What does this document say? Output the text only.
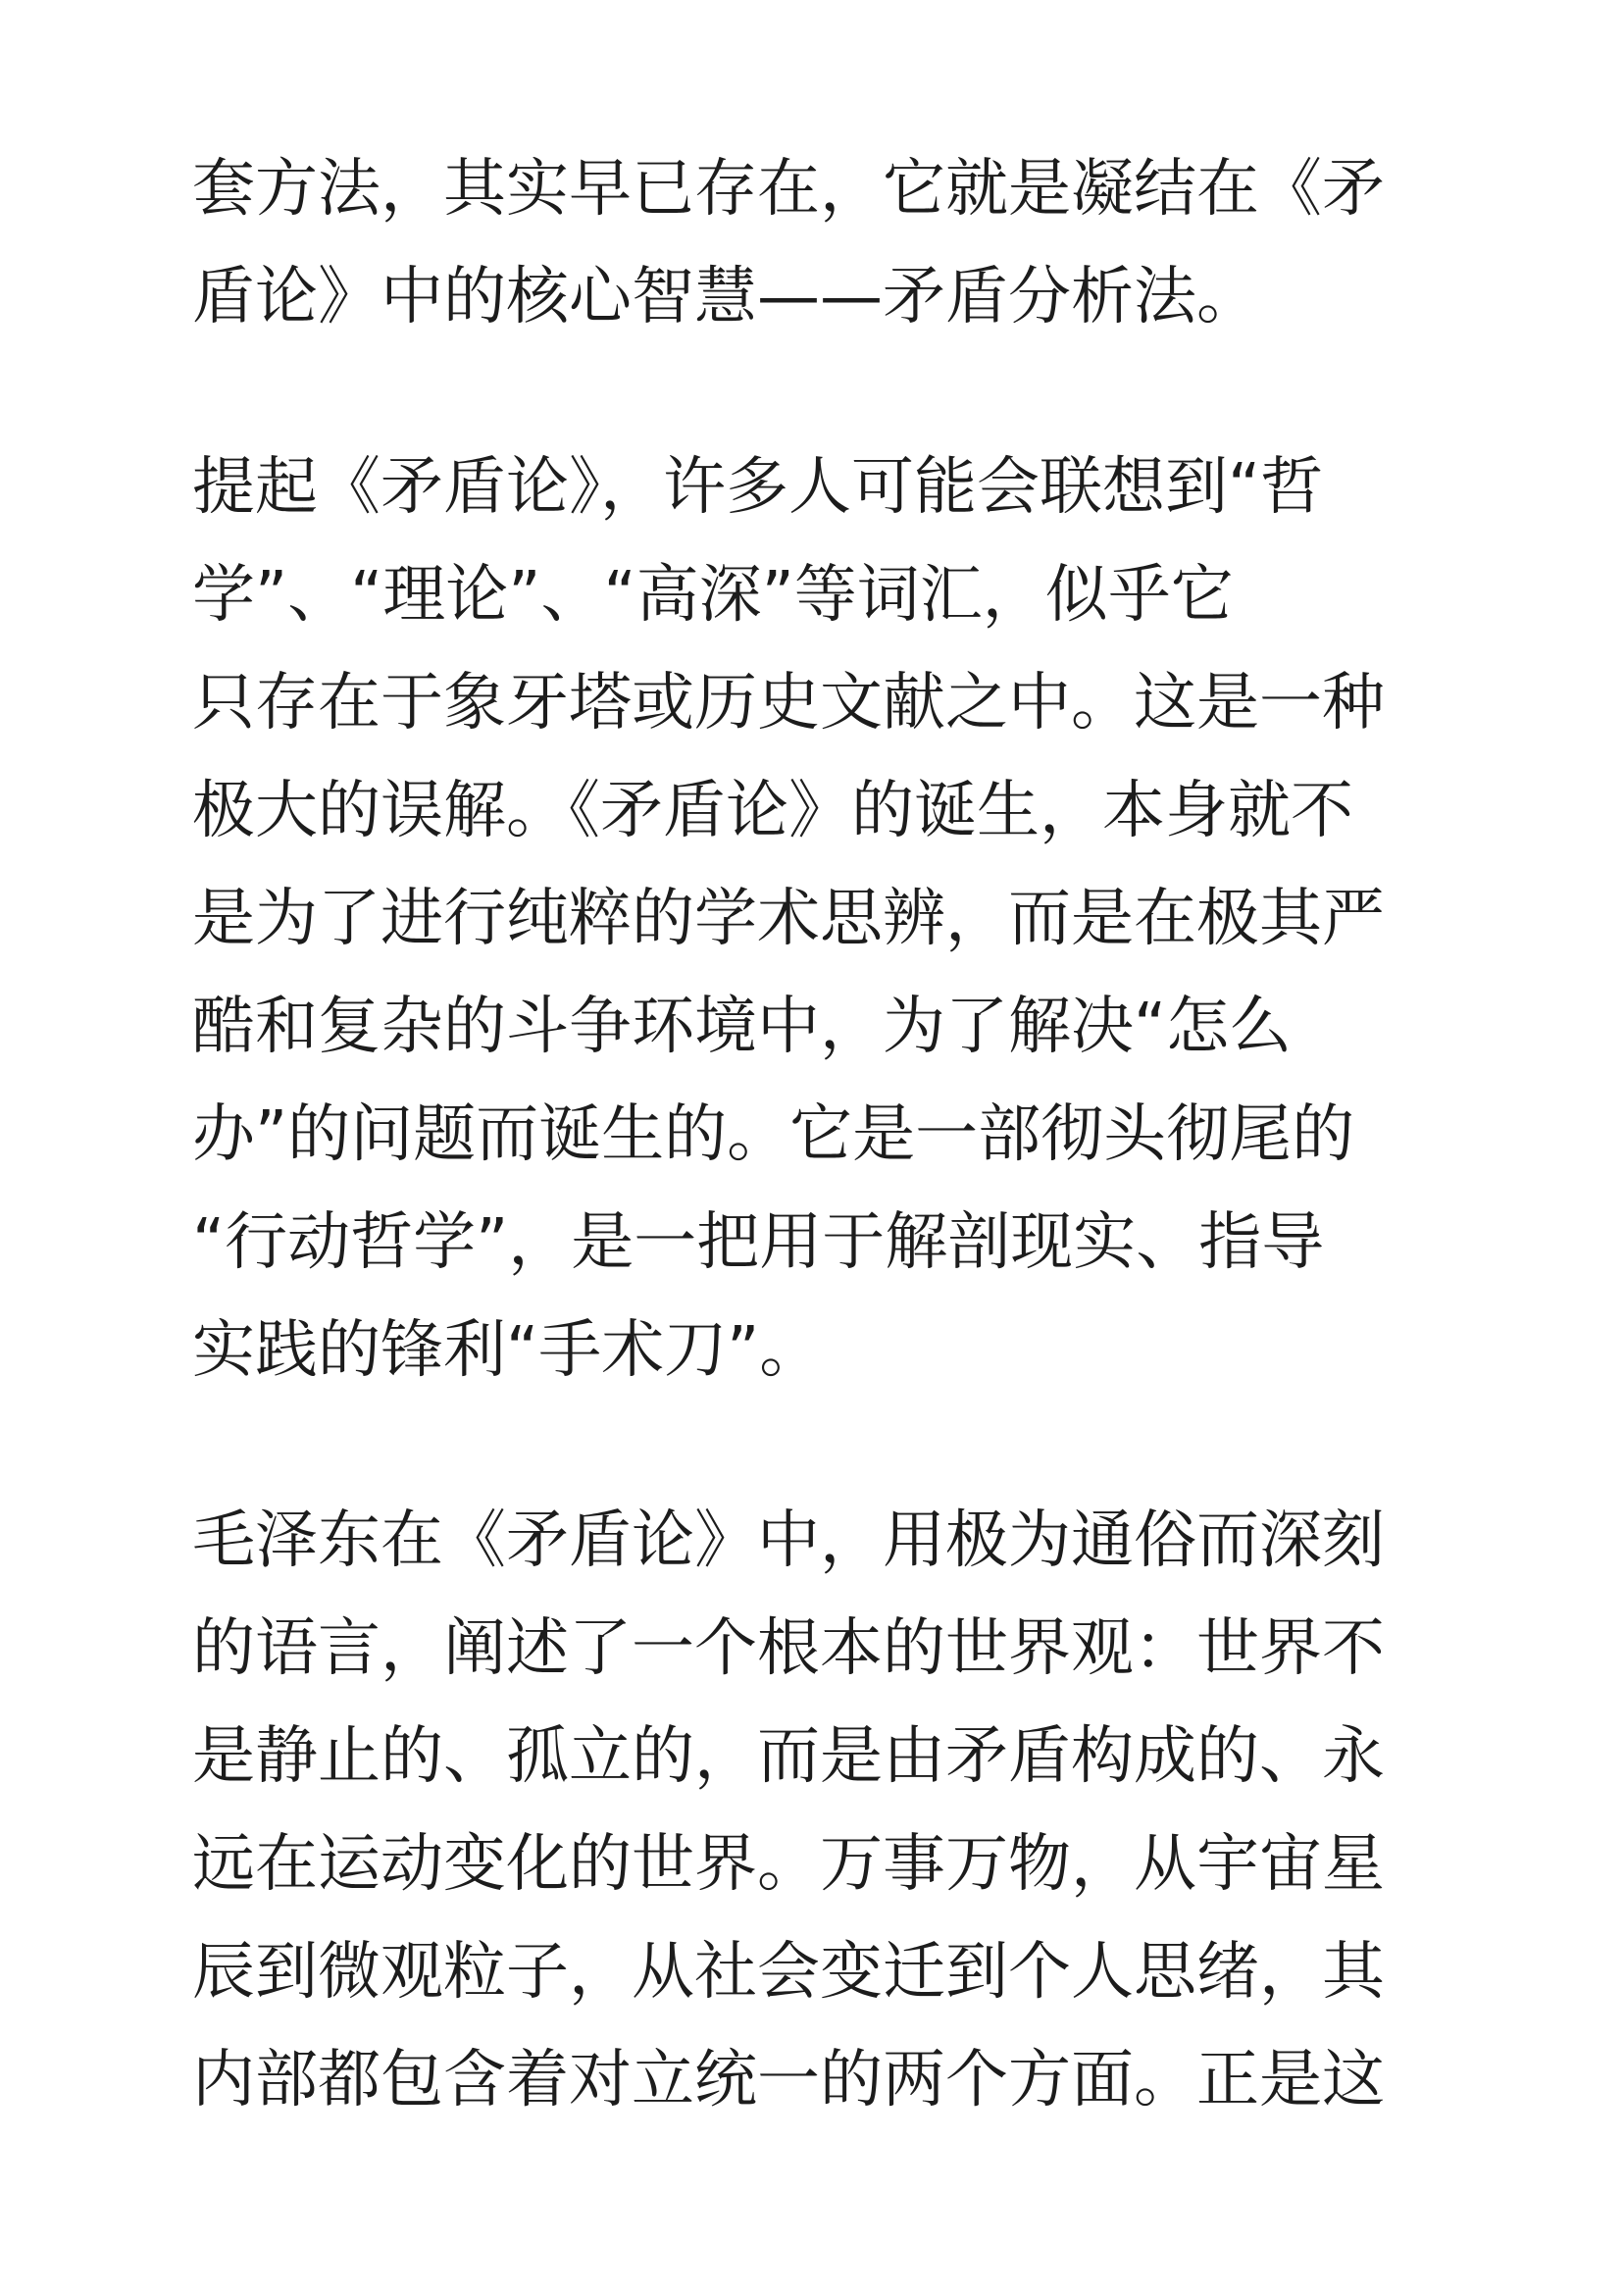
套方法，其实早已存在，它就是凝结在《矛
盾论》中的核心智慧——矛盾分析法。

提起《矛盾论》，许多人可能会联想到“哲
学”、“理论”、“高深”等词汇，似乎它
只存在于象牙塔或历史文献之中。这是一种
极大的误解。《矛盾论》的诞生，本身就不
是为了进行纯粹的学术思辨，而是在极其严
酷和复杂的斗争环境中，为了解决“怎么
办”的问题而诞生的。它是一部彻头彻尾的
“行动哲学”，是一把用于解剖现实、指导
实践的锋利“手术刀”。

毛泽东在《矛盾论》中，用极为通俗而深刻
的语言，阐述了一个根本的世界观：世界不
是静止的、孤立的，而是由矛盾构成的、永
远在运动变化的世界。万事万物，从宇宙星
辰到微观粒子，从社会变迁到个人思绪，其
内部都包含着对立统一的两个方面。正是这
